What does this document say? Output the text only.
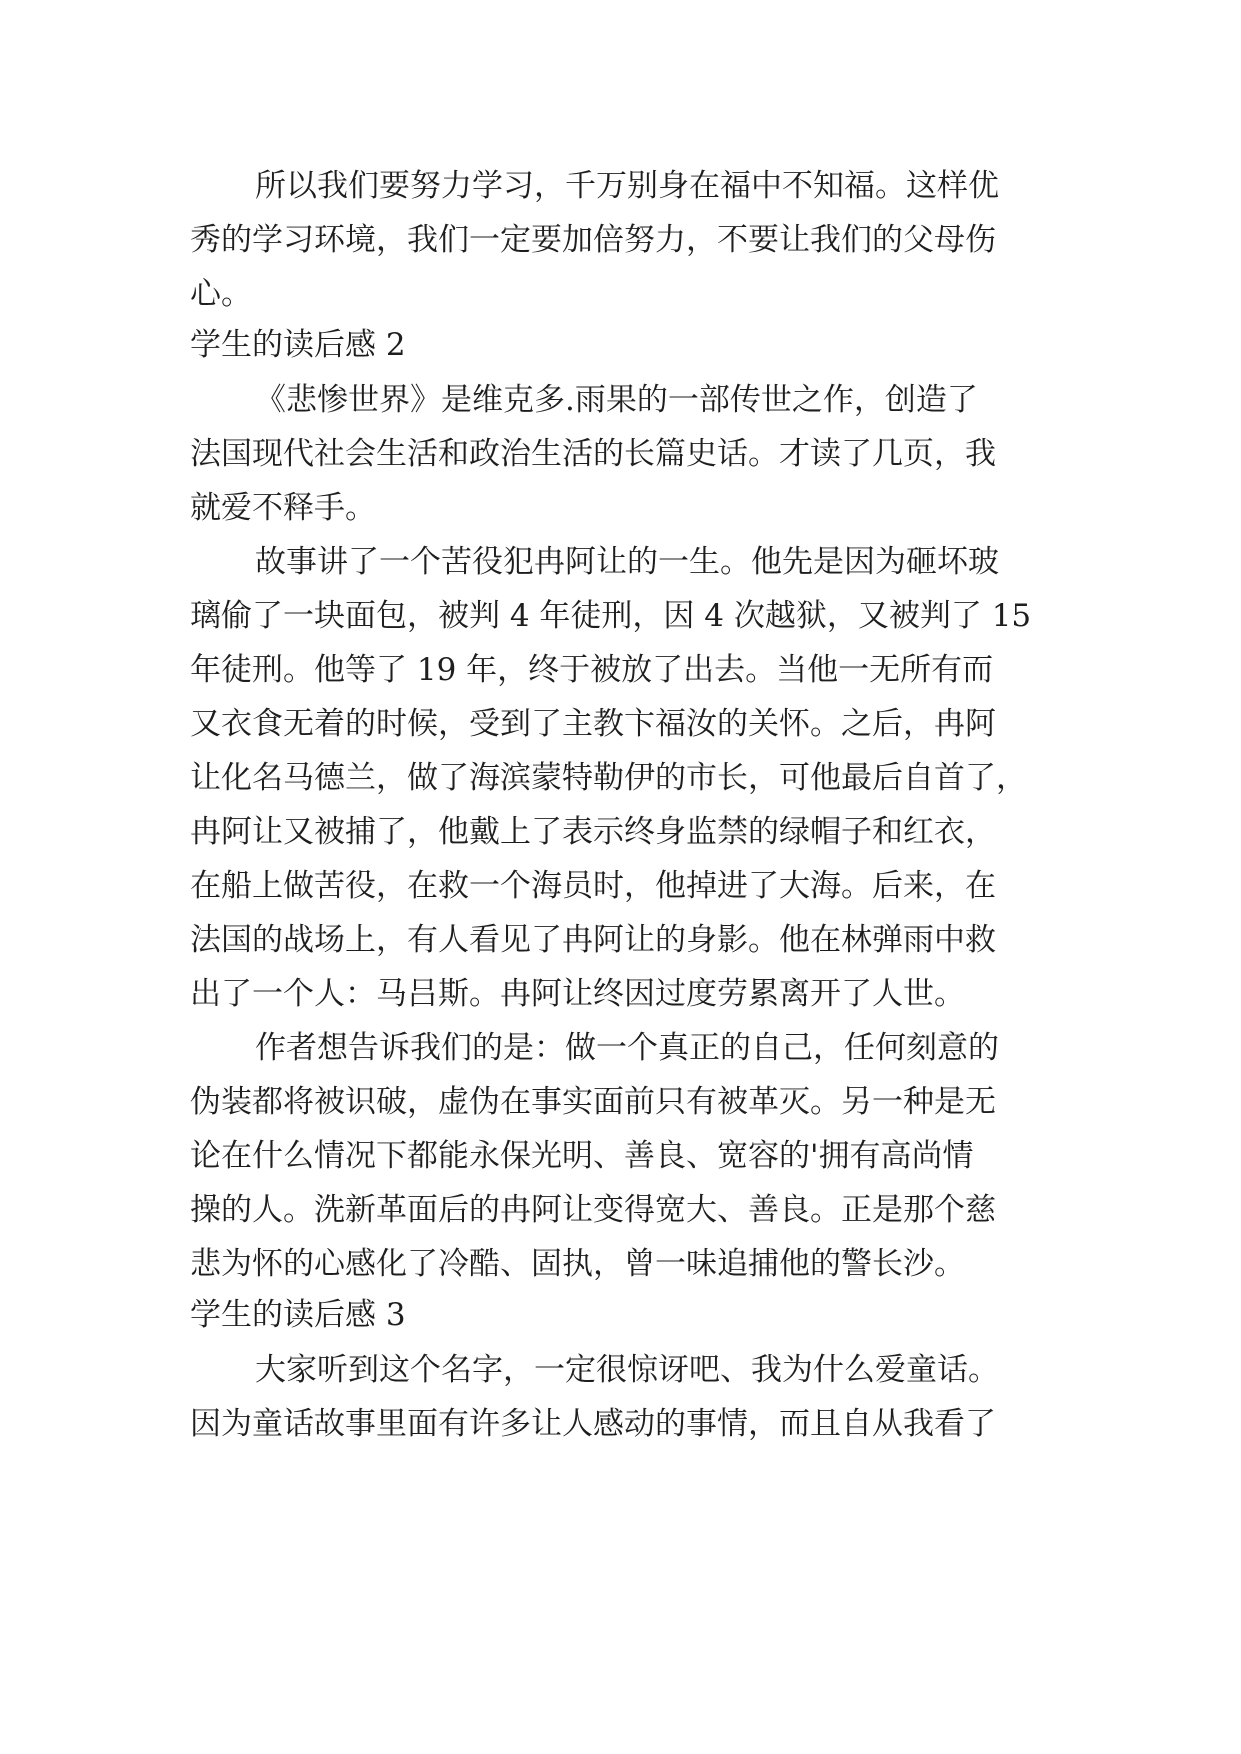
所以我们要努力学习，千万别身在福中不知福。这样优
秀的学习环境，我们一定要加倍努力，不要让我们的父母伤
心。
学生的读后感 2
《悲惨世界》是维克多.雨果的一部传世之作，创造了
法国现代社会生活和政治生活的长篇史话。才读了几页，我
就爱不释手。
故事讲了一个苦役犯冉阿让的一生。他先是因为砸坏玻
璃偷了一块面包，被判 4 年徒刑，因 4 次越狱，又被判了 15
年徒刑。他等了 19 年，终于被放了出去。当他一无所有而
又衣食无着的时候，受到了主教卞福汝的关怀。之后，冉阿
让化名马德兰，做了海滨蒙特勒伊的市长，可他最后自首了，
冉阿让又被捕了，他戴上了表示终身监禁的绿帽子和红衣，
在船上做苦役，在救一个海员时，他掉进了大海。后来，在
法国的战场上，有人看见了冉阿让的身影。他在林弹雨中救
出了一个人：马吕斯。冉阿让终因过度劳累离开了人世。
作者想告诉我们的是：做一个真正的自己，任何刻意的
伪装都将被识破，虚伪在事实面前只有被革灭。另一种是无
论在什么情况下都能永保光明、善良、宽容的'拥有高尚情
操的人。洗新革面后的冉阿让变得宽大、善良。正是那个慈
悲为怀的心感化了冷酷、固执，曾一味追捕他的警长沙。
学生的读后感 3
大家听到这个名字，一定很惊讶吧、我为什么爱童话。
因为童话故事里面有许多让人感动的事情，而且自从我看了
